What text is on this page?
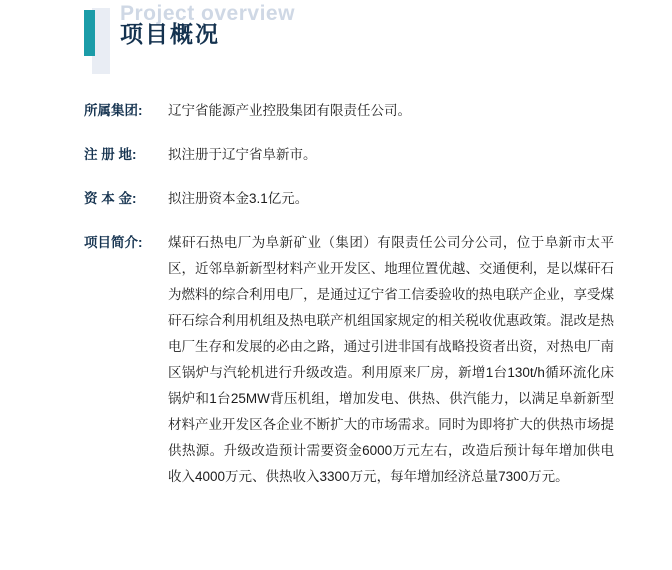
Project overview
项目概况
所属集团:	辽宁省能源产业控股集团有限责任公司。
注 册 地:	拟注册于辽宁省阜新市。
资 本 金:	拟注册资本金3.1亿元。
项目简介:	煤矸石热电厂为阜新矿业（集团）有限责任公司分公司，位于阜新市太平区，近邻阜新新型材料产业开发区、地理位置优越、交通便利，是以煤矸石为燃料的综合利用电厂，是通过辽宁省工信委验收的热电联产企业，享受煤矸石综合利用机组及热电联产机组国家规定的相关税收优惠政策。混改是热电厂生存和发展的必由之路，通过引进非国有战略投资者出资，对热电厂南区锅炉与汽轮机进行升级改造。利用原来厂房，新增1台130t/h循环流化床锅炉和1台25MW背压机组，增加发电、供热、供汽能力，以满足阜新新型材料产业开发区各企业不断扩大的市场需求。同时为即将扩大的供热市场提供热源。升级改造预计需要资金6000万元左右，改造后预计每年增加供电收入4000万元、供热收入3300万元，每年增加经济总量7300万元。
